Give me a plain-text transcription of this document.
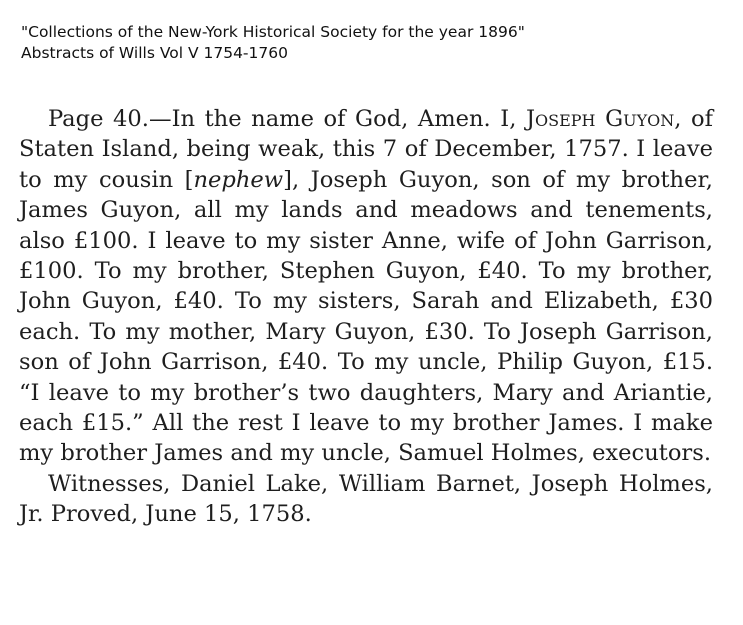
"Collections of the New-York Historical Society for the year 1896"
Abstracts of Wills Vol V 1754-1760

Page 40.—In the name of God, Amen. I, Joseph Guyon, of Staten Island, being weak, this 7 of December, 1757. I leave to my cousin [nephew], Joseph Guyon, son of my brother, James Guyon, all my lands and meadows and tenements, also £100. I leave to my sister Anne, wife of John Garrison, £100. To my brother, Stephen Guyon, £40. To my brother, John Guyon, £40. To my sisters, Sarah and Elizabeth, £30 each. To my mother, Mary Guyon, £30. To Joseph Garrison, son of John Garrison, £40. To my uncle, Philip Guyon, £15. “I leave to my brother’s two daughters, Mary and Ariantie, each £15.” All the rest I leave to my brother James. I make my brother James and my uncle, Samuel Holmes, executors.

Witnesses, Daniel Lake, William Barnet, Joseph Holmes, Jr. Proved, June 15, 1758.
